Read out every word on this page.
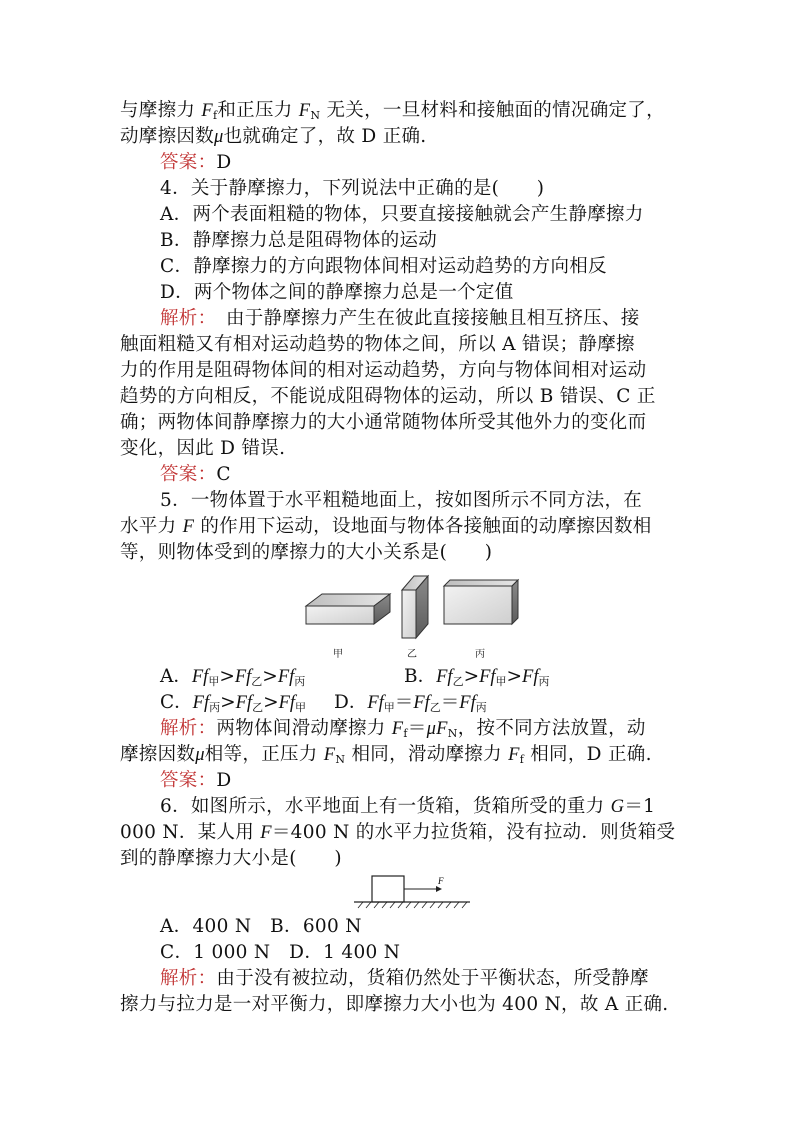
与摩擦力 $F_f$和正压力 $F_N$ 无关，一旦材料和接触面的情况确定了，
动摩擦因数μ也就确定了，故 D 正确.
答案：D
4．关于静摩擦力，下列说法中正确的是(　　)
A．两个表面粗糙的物体，只要直接接触就会产生静摩擦力
B．静摩擦力总是阻碍物体的运动
C．静摩擦力的方向跟物体间相对运动趋势的方向相反
D．两个物体之间的静摩擦力总是一个定值
解析：　由于静摩擦力产生在彼此直接接触且相互挤压、接
触面粗糙又有相对运动趋势的物体之间，所以 A 错误；静摩擦
力的作用是阻碍物体间的相对运动趋势，方向与物体间相对运动
趋势的方向相反，不能说成阻碍物体的运动，所以 B 错误、C 正
确；两物体间静摩擦力的大小通常随物体所受其他外力的变化而
变化，因此 D 错误.
答案：C
5．一物体置于水平粗糙地面上，按如图所示不同方法，在
水平力 F 的作用下运动，设地面与物体各接触面的动摩擦因数相
等，则物体受到的摩擦力的大小关系是(　　)
甲	乙	丙
A．$Ff_甲>Ff_乙>Ff_丙$	B．$Ff_乙>Ff_甲>Ff_丙$
C．$Ff_丙>Ff_乙>Ff_甲$ D．$Ff_甲=Ff_乙=Ff_丙$
解析：两物体间滑动摩擦力 $F_f=\mu F_N$，按不同方法放置，动
摩擦因数μ相等，正压力 $F_N$ 相同，滑动摩擦力 $F_f$ 相同，D 正确.
答案：D
6．如图所示，水平地面上有一货箱，货箱所受的重力 G＝1
000 N．某人用 F＝400 N 的水平力拉货箱，没有拉动．则货箱受
到的静摩擦力大小是(　　)
F
A．400 N　B．600 N
C．1 000 N　D．1 400 N
解析：由于没有被拉动，货箱仍然处于平衡状态，所受静摩
擦力与拉力是一对平衡力，即摩擦力大小也为 400 N，故 A 正确.
